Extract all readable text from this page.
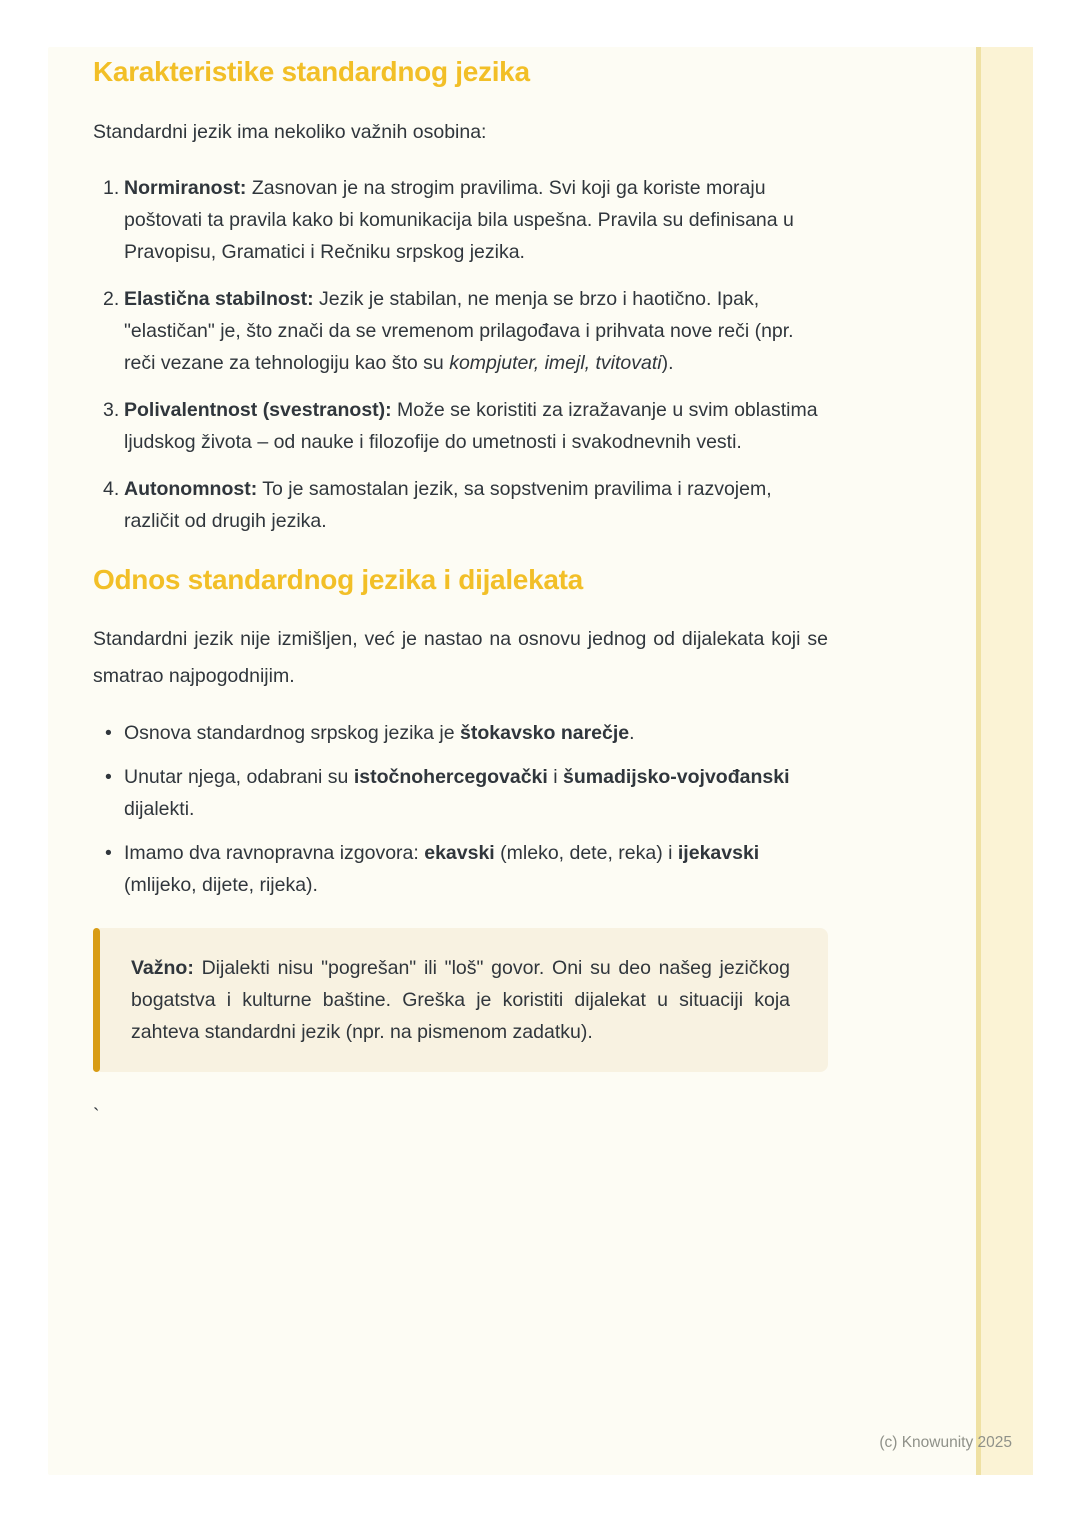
Karakteristike standardnog jezika

Standardni jezik ima nekoliko važnih osobina:

1. Normiranost: Zasnovan je na strogim pravilima. Svi koji ga koriste moraju poštovati ta pravila kako bi komunikacija bila uspešna. Pravila su definisana u Pravopisu, Gramatici i Rečniku srpskog jezika.
2. Elastična stabilnost: Jezik je stabilan, ne menja se brzo i haotično. Ipak, "elastičan" je, što znači da se vremenom prilagođava i prihvata nove reči (npr. reči vezane za tehnologiju kao što su kompjuter, imejl, tvitovati).
3. Polivalentnost (svestranost): Može se koristiti za izražavanje u svim oblastima ljudskog života – od nauke i filozofije do umetnosti i svakodnevnih vesti.
4. Autonomnost: To je samostalan jezik, sa sopstvenim pravilima i razvojem, različit od drugih jezika.
Odnos standardnog jezika i dijalekata

Standardni jezik nije izmišljen, već je nastao na osnovu jednog od dijalekata koji se smatrao najpogodnijim.

• Osnova standardnog srpskog jezika je štokavsko narečje.
• Unutar njega, odabrani su istočnohercegovački i šumadijsko-vojvođanski dijalekti.
• Imamo dva ravnopravna izgovora: ekavski (mleko, dete, reka) i ijekavski (mlijeko, dijete, rijeka).

Važno: Dijalekti nisu "pogrešan" ili "loš" govor. Oni su deo našeg jezičkog bogatstva i kulturne baštine. Greška je koristiti dijalekat u situaciji koja zahteva standardni jezik (npr. na pismenom zadatku).

`

(c) Knowunity 2025
